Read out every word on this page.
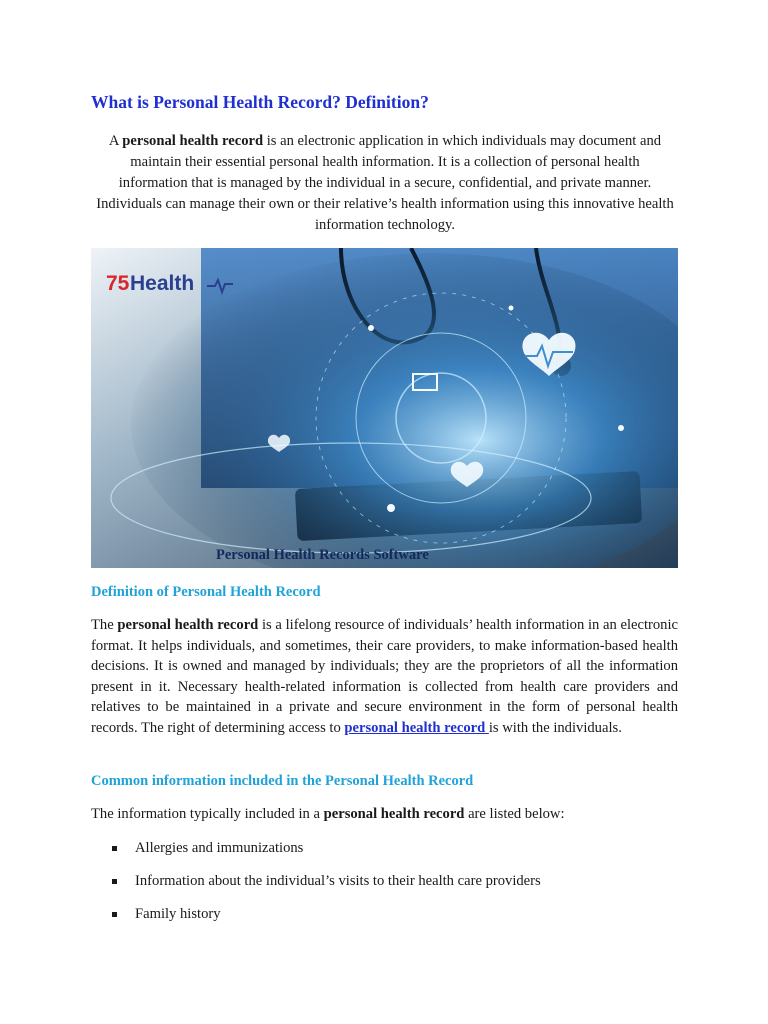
What is Personal Health Record? Definition?

A personal health record is an electronic application in which individuals may document and maintain their essential personal health information. It is a collection of personal health information that is managed by the individual in a secure, confidential, and private manner. Individuals can manage their own or their relative’s health information using this innovative health information technology.

75 Health
Personal Health Records Software
Definition of Personal Health Record

The personal health record is a lifelong resource of individuals’ health information in an electronic format. It helps individuals, and sometimes, their care providers, to make information-based health decisions. It is owned and managed by individuals; they are the proprietors of all the information present in it. Necessary health-related information is collected from health care providers and relatives to be maintained in a private and secure environment in the form of personal health records. The right of determining access to personal health record is with the individuals.

Common information included in the Personal Health Record

The information typically included in a personal health record are listed below:

Allergies and immunizations
Information about the individual’s visits to their health care providers
Family history
